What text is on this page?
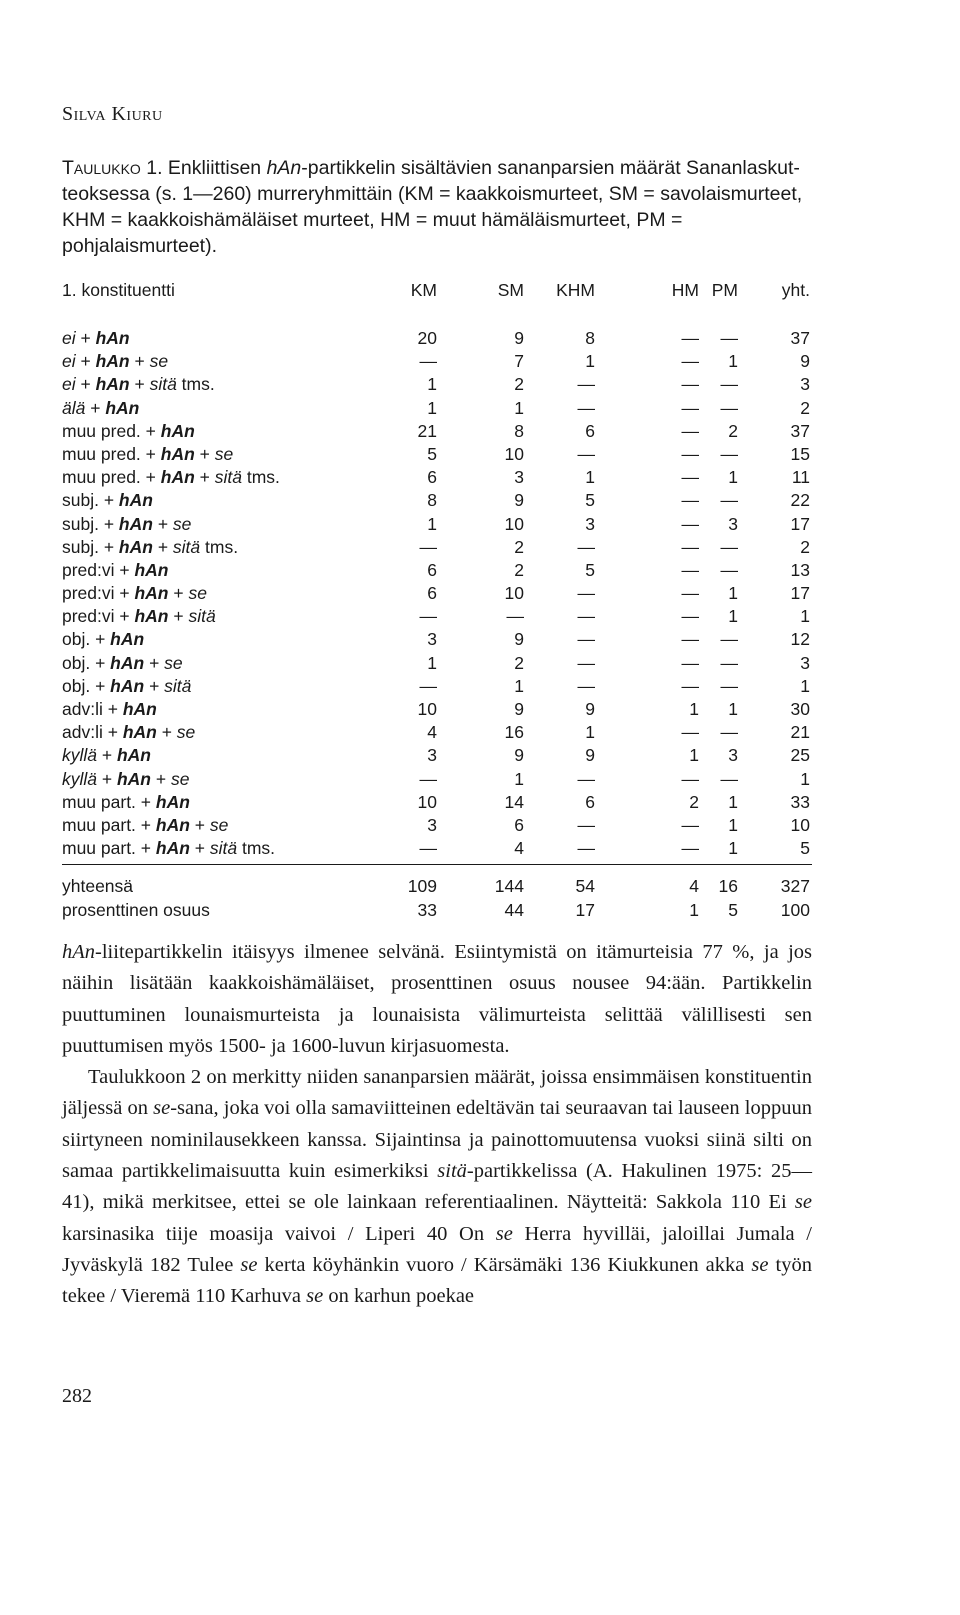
Silva Kiuru
Taulukko 1. Enkliittisen hAn-partikkelin sisältävien sananparsien määrät Sananlaskut-teoksessa (s. 1—260) murreryhmittäin (KM = kaakkoismurteet, SM = savolaismurteet, KHM = kaakkoishämäläiset murteet, HM = muut hämäläismurteet, PM = pohjalaismurteet).
1. konstituentti	KM	SM KHM	HM PM	yht.
ei + hAn	20	9	8	— —	37
ei + hAn + se	—	7	1	— 1	9
ei + hAn + sitä tms.	1	2	—	— —	3
älä + hAn	1	1	—	— —	2
muu pred. + hAn	21	8	6	— 2	37
muu pred. + hAn + se	5	10	—	— —	15
muu pred. + hAn + sitä tms.	6	3	1	— 1	11
subj. + hAn	8	9	5	— —	22
subj. + hAn + se	1	10	3	— 3	17
subj. + hAn + sitä tms.	—	2	—	— —	2
pred:vi + hAn	6	2	5	— —	13
pred:vi + hAn + se	6	10	—	— 1	17
pred:vi + hAn + sitä	—	—	—	— 1	1
obj. + hAn	3	9	—	— —	12
obj. + hAn + se	1	2	—	— —	3
obj. + hAn + sitä	—	1	—	— —	1
adv:li + hAn	10	9	9	1 1	30
adv:li + hAn + se	4	16	1	— —	21
kyllä + hAn	3	9	9	1 3	25
kyllä + hAn + se	—	1	—	— —	1
muu part. + hAn	10	14	6	2 1	33
muu part. + hAn + se	3	6	—	— 1	10
muu part. + hAn + sitä tms.	—	4	—	— 1	5
yhteensä	109	144	54	4 16 327
prosenttinen osuus	33	44	17	1 5 100

hAn-liitepartikkelin itäisyys ilmenee selvänä. Esiintymistä on itämurteisia 77 %, ja jos näihin lisätään kaakkoishämäläiset, prosenttinen osuus nousee 94:ään. Partikkelin puuttuminen lounaismurteista ja lounaisista välimurteista selittää välillisesti sen puuttumisen myös 1500- ja 1600-luvun kirjasuomesta.

Taulukkoon 2 on merkitty niiden sananparsien määrät, joissa ensimmäisen konstituentin jäljessä on se-sana, joka voi olla samaviitteinen edeltävän tai seuraavan tai lauseen loppuun siirtyneen nominilausekkeen kanssa. Sijaintinsa ja painottomuutensa vuoksi siinä silti on samaa partikkelimaisuutta kuin esimerkiksi sitä-partikkelissa (A. Hakulinen 1975: 25—41), mikä merkitsee, ettei se ole lainkaan referentiaalinen. Näytteitä: Sakkola 110 Ei se karsinasika tiije moasija vaivoi / Liperi 40 On se Herra hyvilläi, jaloillai Jumala / Jyväskylä 182 Tulee se kerta köyhänkin vuoro / Kärsämäki 136 Kiukkunen akka se työn tekee / Vieremä 110 Karhuva se on karhun poekae

282
